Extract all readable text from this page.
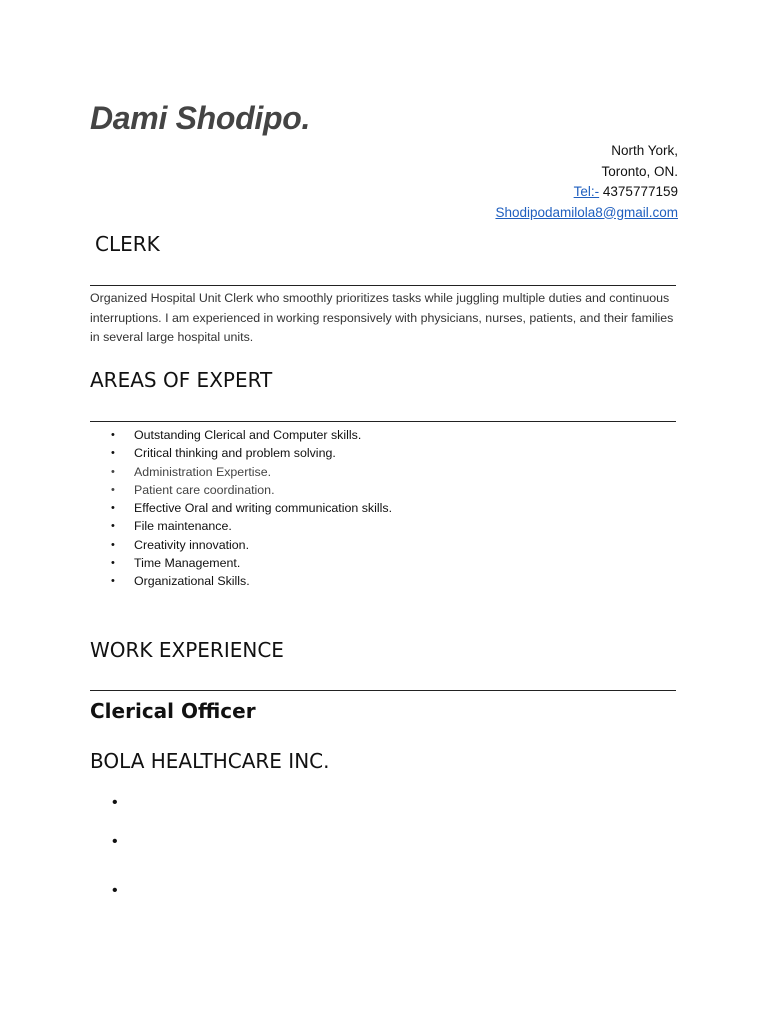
Dami Shodipo.
North York,
Toronto, ON.
Tel:- 4375777159
Shodipodamilola8@gmail.com
CLERK

Organized Hospital Unit Clerk who smoothly prioritizes tasks while juggling multiple duties and continuous interruptions. I am experienced in working responsively with physicians, nurses, patients, and their families in several large hospital units.

AREAS OF EXPERT
• Outstanding Clerical and Computer skills.
• Critical thinking and problem solving.
• Administration Expertise.
• Patient care coordination.
• Effective Oral and writing communication skills.
• File maintenance.
• Creativity innovation.
• Time Management.
• Organizational Skills.
WORK EXPERIENCE
Clerical Officer
BOLA HEALTHCARE INC.
•
•
•
